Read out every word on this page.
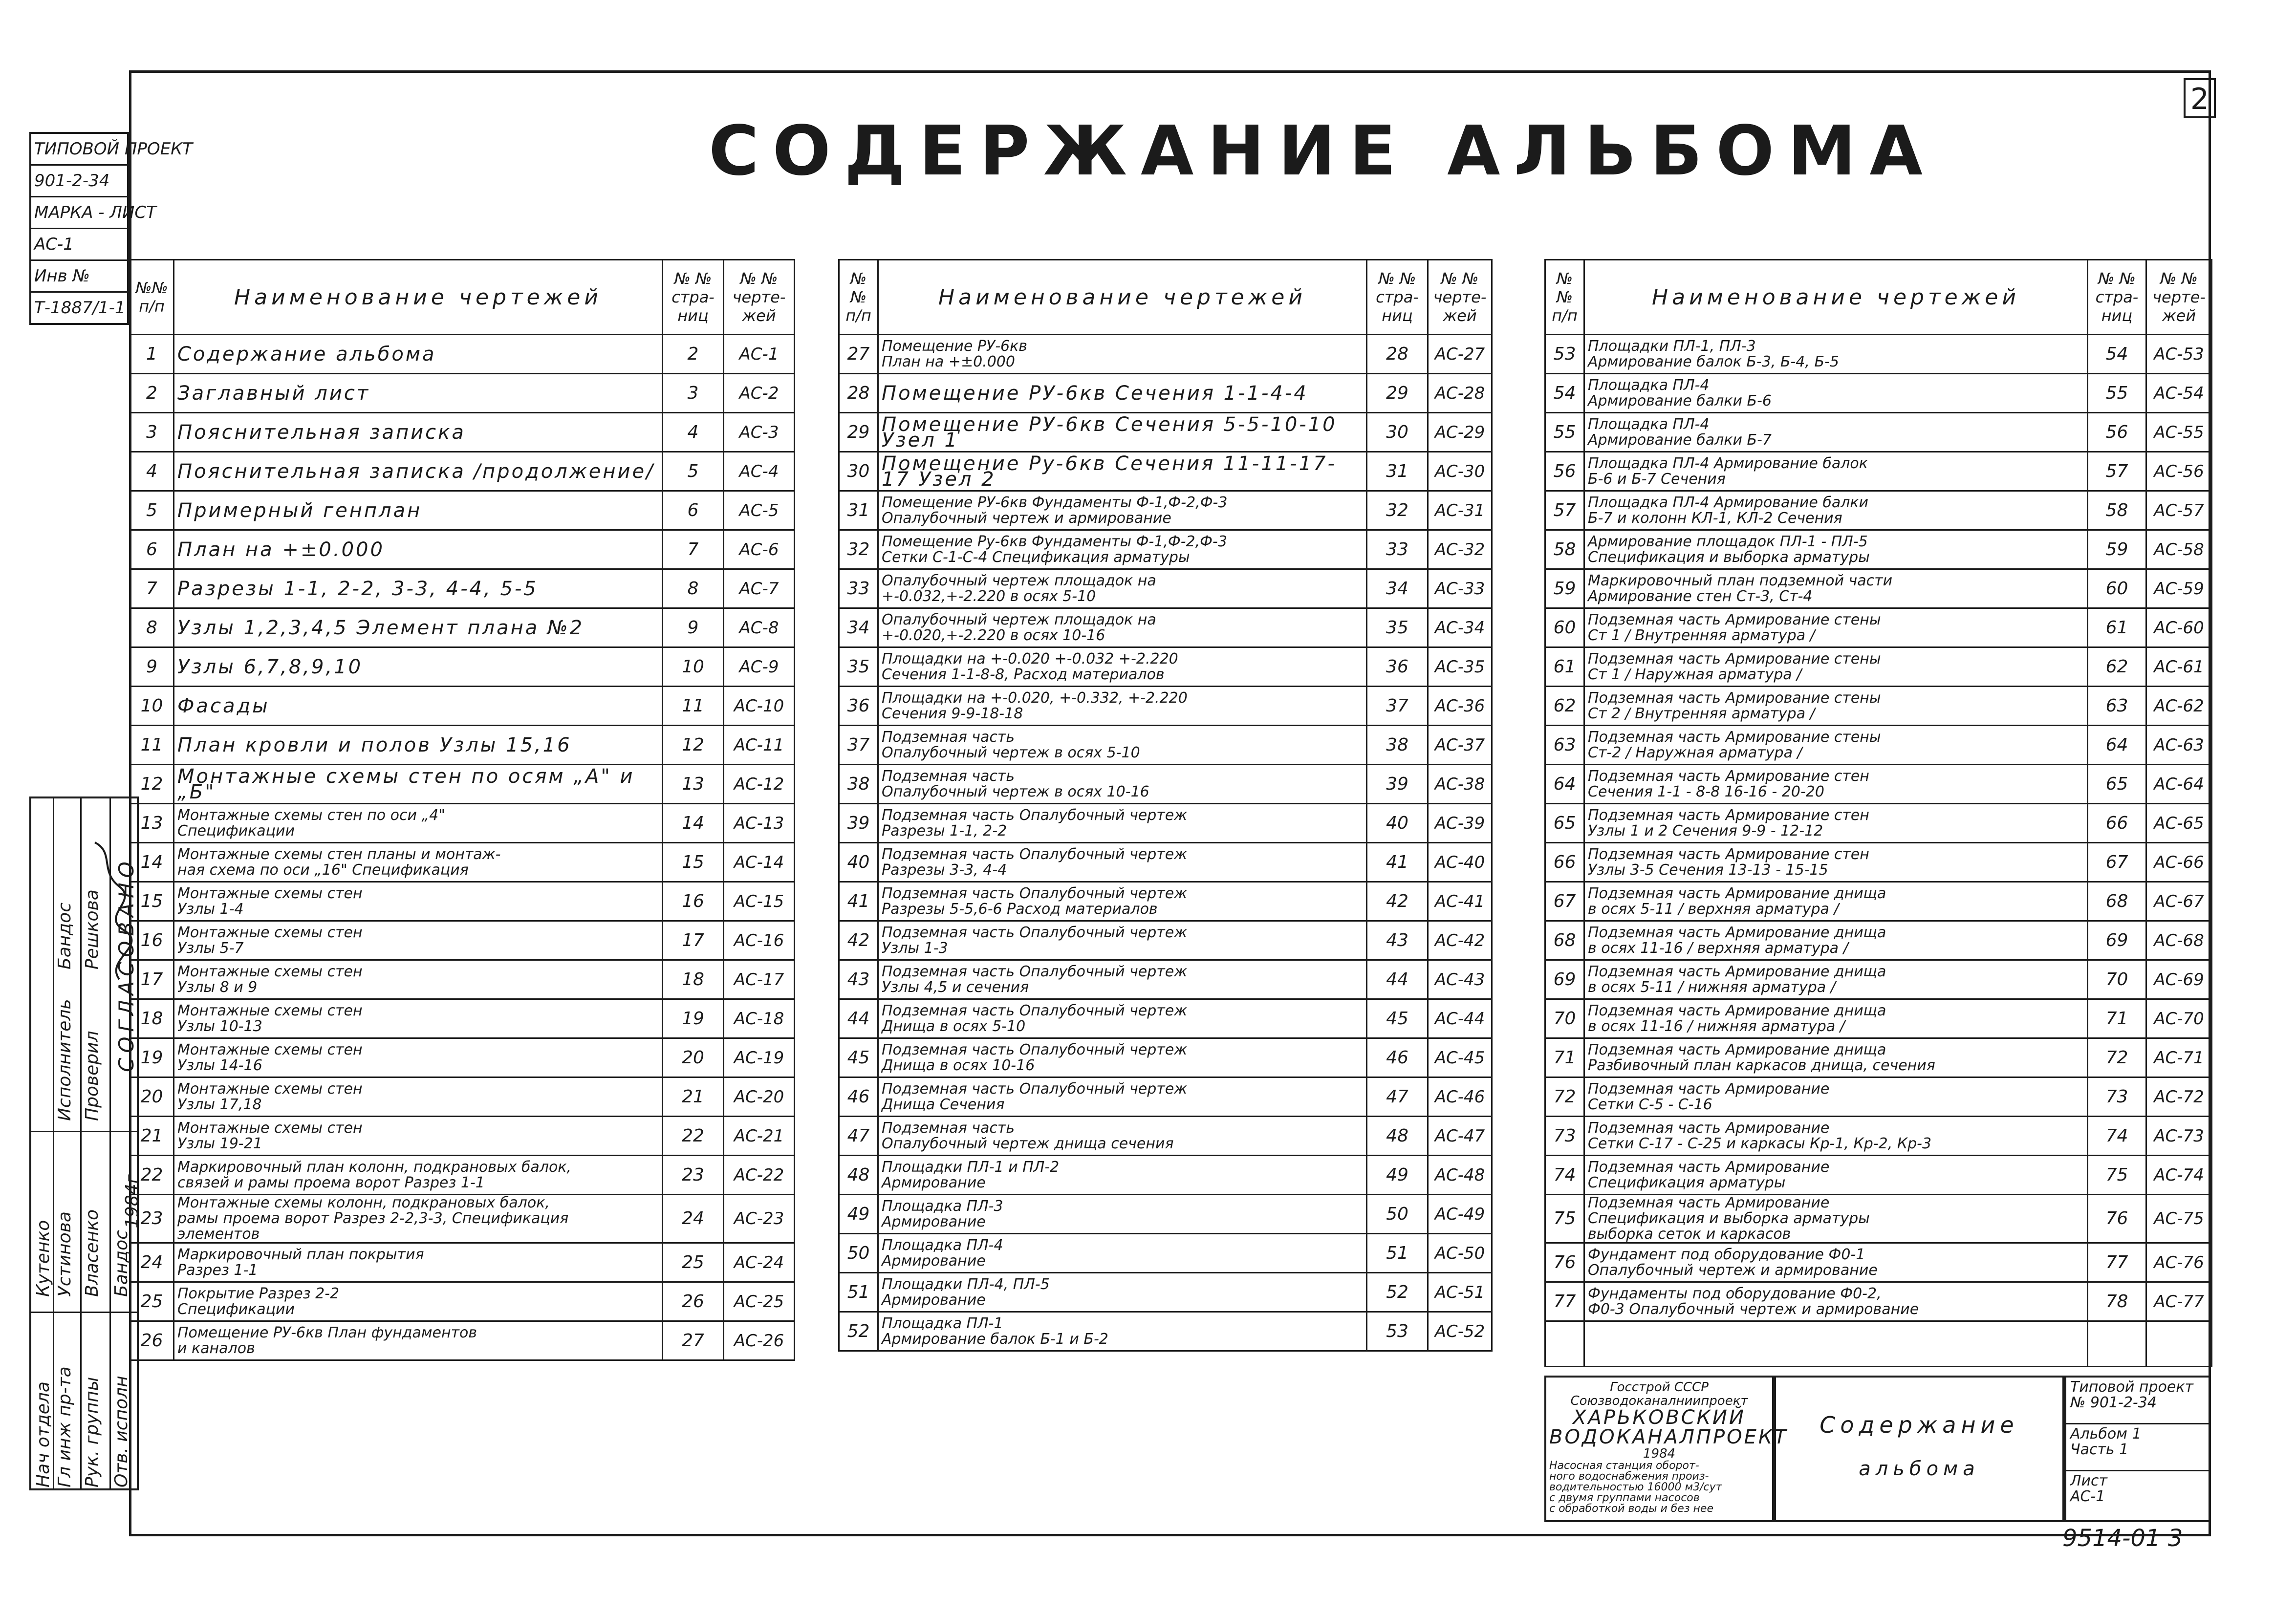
2
СОДЕРЖАНИЕ АЛЬБОМА
ТИПОВОЙ ПРОЕКТ
901-2-34
МАРКА - ЛИСТ
АС-1
Инв №
Т-1887/1-1
СОГЛАСОВАНО
Нач отдела Гл инж пр-та Рук. группы Отв. исполн
Кутенко Устинова Власенко Бандос
Исполнитель Проверил
Бандос Решкова
1984г
№№ п/п	Наименование чертежей	№ № стра-ниц	№ № черте-жей
1	Содержание альбома	2	АС-1
2	Заглавный лист	3	АС-2
3	Пояснительная записка	4	АС-3
4	Пояснительная записка /продолжение/	5	АС-4
5	Примерный генплан	6	АС-5
6	План на +±0.000	7	АС-6
7	Разрезы 1-1, 2-2, 3-3, 4-4, 5-5	8	АС-7
8	Узлы 1,2,3,4,5 Элемент плана №2	9	АС-8
9	Узлы 6,7,8,9,10	10	АС-9
10	Фасады	11	АС-10
11	План кровли и полов Узлы 15,16	12	АС-11
12	Монтажные схемы стен по осям „А" и „Б"	13	АС-12
13	Монтажные схемы стен по оси „4"
Спецификации	14	АС-13
14	Монтажные схемы стен планы и монтаж-
ная схема по оси „16" Спецификация	15	АС-14
15	Монтажные схемы стен
Узлы 1-4	16	АС-15
16	Монтажные схемы стен
Узлы 5-7	17	АС-16
17	Монтажные схемы стен
Узлы 8 и 9	18	АС-17
18	Монтажные схемы стен
Узлы 10-13	19	АС-18
19	Монтажные схемы стен
Узлы 14-16	20	АС-19
20	Монтажные схемы стен
Узлы 17,18	21	АС-20
21	Монтажные схемы стен
Узлы 19-21	22	АС-21
22	Маркировочный план колонн, подкрановых балок,
связей и рамы проема ворот Разрез 1-1	23	АС-22
23	Монтажные схемы колонн, подкрановых балок,
рамы проема ворот Разрез 2-2,3-3, Спецификация
элементов	24	АС-23
24	Маркировочный план покрытия
Разрез 1-1	25	АС-24
25	Покрытие Разрез 2-2
Спецификации	26	АС-25
26	Помещение РУ-6кв План фундаментов
и каналов	27	АС-26
№№ п/п	Наименование чертежей	№ № стра-ниц	№ № черте-жей
27	Помещение РУ-6кв
План на +±0.000	28	АС-27
28	Помещение РУ-6кв Сечения 1-1-4-4	29	АС-28
29	Помещение РУ-6кв Сечения 5-5-10-10 Узел 1	30	АС-29
30	Помещение Ру-6кв Сечения 11-11-17-17 Узел 2	31	АС-30
31	Помещение РУ-6кв Фундаменты Ф-1,Ф-2,Ф-3
Опалубочный чертеж и армирование	32	АС-31
32	Помещение Ру-6кв Фундаменты Ф-1,Ф-2,Ф-3
Сетки С-1-С-4 Спецификация арматуры	33	АС-32
33	Опалубочный чертеж площадок на
+-0.032,+-2.220 в осях 5-10	34	АС-33
34	Опалубочный чертеж площадок на
+-0.020,+-2.220 в осях 10-16	35	АС-34
35	Площадки на +-0.020 +-0.032 +-2.220
Сечения 1-1-8-8, Расход материалов	36	АС-35
36	Площадки на +-0.020, +-0.332, +-2.220
Сечения 9-9-18-18	37	АС-36
37	Подземная часть
Опалубочный чертеж в осях 5-10	38	АС-37
38	Подземная часть
Опалубочный чертеж в осях 10-16	39	АС-38
39	Подземная часть Опалубочный чертеж
Разрезы 1-1, 2-2	40	АС-39
40	Подземная часть Опалубочный чертеж
Разрезы 3-3, 4-4	41	АС-40
41	Подземная часть Опалубочный чертеж
Разрезы 5-5,6-6 Расход материалов	42	АС-41
42	Подземная часть Опалубочный чертеж
Узлы 1-3	43	АС-42
43	Подземная часть Опалубочный чертеж
Узлы 4,5 и сечения	44	АС-43
44	Подземная часть Опалубочный чертеж
Днища в осях 5-10	45	АС-44
45	Подземная часть Опалубочный чертеж
Днища в осях 10-16	46	АС-45
46	Подземная часть Опалубочный чертеж
Днища Сечения	47	АС-46
47	Подземная часть
Опалубочный чертеж днища сечения	48	АС-47
48	Площадки ПЛ-1 и ПЛ-2
Армирование	49	АС-48
49	Площадка ПЛ-3
Армирование	50	АС-49
50	Площадка ПЛ-4
Армирование	51	АС-50
51	Площадки ПЛ-4, ПЛ-5
Армирование	52	АС-51
52	Площадка ПЛ-1
Армирование балок Б-1 и Б-2	53	АС-52
№№ п/п	Наименование чертежей	№ № стра-ниц	№ № черте-жей
53	Площадки ПЛ-1, ПЛ-3
Армирование балок Б-3, Б-4, Б-5	54	АС-53
54	Площадка ПЛ-4
Армирование балки Б-6	55	АС-54
55	Площадка ПЛ-4
Армирование балки Б-7	56	АС-55
56	Площадка ПЛ-4 Армирование балок
Б-6 и Б-7 Сечения	57	АС-56
57	Площадка ПЛ-4 Армирование балки
Б-7 и колонн КЛ-1, КЛ-2 Сечения	58	АС-57
58	Армирование площадок ПЛ-1 - ПЛ-5
Спецификация и выборка арматуры	59	АС-58
59	Маркировочный план подземной части
Армирование стен Ст-3, Ст-4	60	АС-59
60	Подземная часть Армирование стены
Ст 1 / Внутренняя арматура /	61	АС-60
61	Подземная часть Армирование стены
Ст 1 / Наружная арматура /	62	АС-61
62	Подземная часть Армирование стены
Ст 2 / Внутренняя арматура /	63	АС-62
63	Подземная часть Армирование стены
Ст-2 / Наружная арматура /	64	АС-63
64	Подземная часть Армирование стен
Сечения 1-1 - 8-8 16-16 - 20-20	65	АС-64
65	Подземная часть Армирование стен
Узлы 1 и 2 Сечения 9-9 - 12-12	66	АС-65
66	Подземная часть Армирование стен
Узлы 3-5 Сечения 13-13 - 15-15	67	АС-66
67	Подземная часть Армирование днища
в осях 5-11 / верхняя арматура /	68	АС-67
68	Подземная часть Армирование днища
в осях 11-16 / верхняя арматура /	69	АС-68
69	Подземная часть Армирование днища
в осях 5-11 / нижняя арматура /	70	АС-69
70	Подземная часть Армирование днища
в осях 11-16 / нижняя арматура /	71	АС-70
71	Подземная часть Армирование днища
Разбивочный план каркасов днища, сечения	72	АС-71
72	Подземная часть Армирование
Сетки С-5 - С-16	73	АС-72
73	Подземная часть Армирование
Сетки С-17 - С-25 и каркасы Кр-1, Кр-2, Кр-3	74	АС-73
74	Подземная часть Армирование
Спецификация арматуры	75	АС-74
75	Подземная часть Армирование
Спецификация и выборка арматуры
выборка сеток и каркасов	76	АС-75
76	Фундамент под оборудование Ф0-1
Опалубочный чертеж и армирование	77	АС-76
77	Фундаменты под оборудование Ф0-2,
Ф0-3 Опалубочный чертеж и армирование	78	АС-77

Госстрой СССР
Союзводоканалниипроект
ХАРЬКОВСКИЙ
ВОДОКАНАЛПРОЕКТ
1984
Насосная станция оборот-
ного водоснабжения произ-
водительностью 16000 м3/сут
с двумя группами насосов
с обработкой воды и без нее
Содержание
альбома
Типовой проект
№ 901-2-34
Альбом 1
Часть 1
Лист
АС-1
9514-01 3
